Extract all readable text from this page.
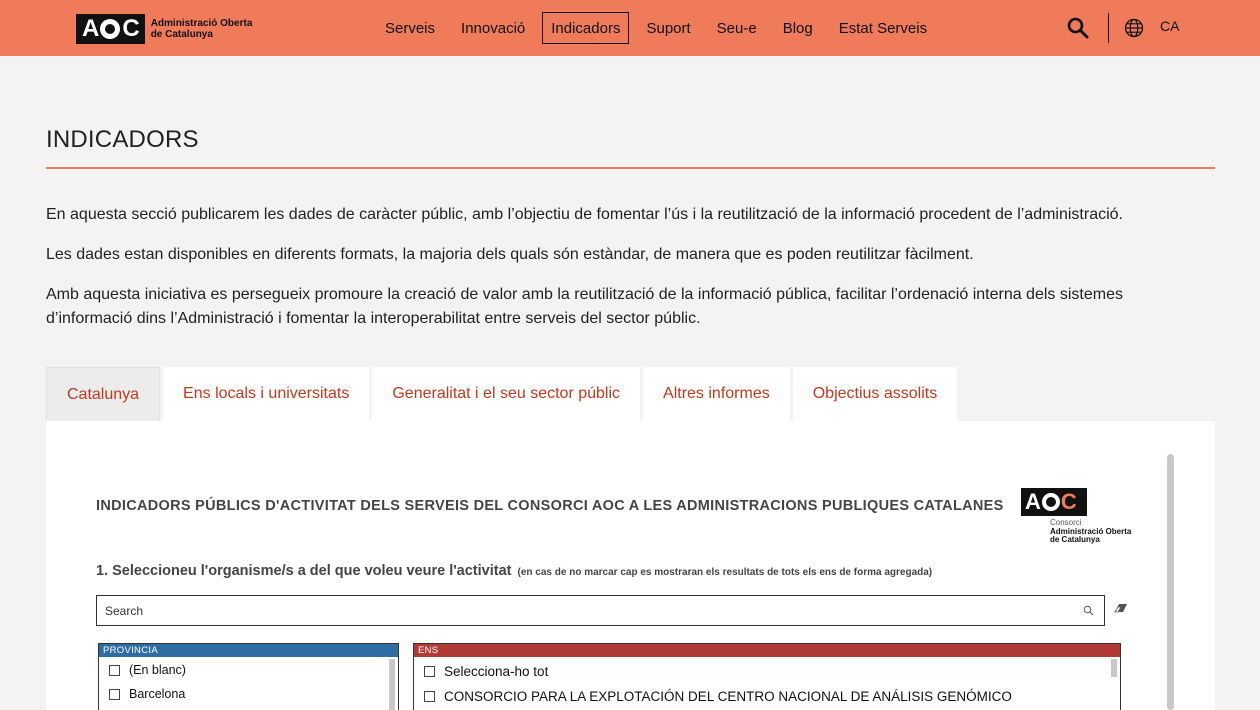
A C Administració Oberta
de Catalunya	Serveis	Innovació	Indicadors	Suport	Seu-e	Blog	Estat Serveis	CA
INDICADORS

En aquesta secció publicarem les dades de caràcter públic, amb l’objectiu de fomentar l’ús i la reutilització de la informació procedent de l’administració.

Les dades estan disponibles en diferents formats, la majoria dels quals són estàndar, de manera que es poden reutilitzar fàcilment.

Amb aquesta iniciativa es persegueix promoure la creació de valor amb la reutilització de la informació pública, facilitar l’ordenació interna dels sistemes d’informació dins l’Administració i fomentar la interoperabilitat entre serveis del sector públic.

Catalunya	Ens locals i universitats	Generalitat i el seu sector públic	Altres informes	Objectius assolits
INDICADORS PÚBLICS D'ACTIVITAT DELS SERVEIS DEL CONSORCI AOC A LES ADMINISTRACIONS PUBLIQUES CATALANES A C
Consorci
Administració Oberta
de Catalunya
1. Seleccioneu l'organisme/s a del que voleu veure l'activitat (en cas de no marcar cap es mostraran els resultats de tots els ens de forma agregada)
Search
PROVINCIA
(En blanc)
Barcelona
ENS
Selecciona-ho tot
CONSORCIO PARA LA EXPLOTACIÓN DEL CENTRO NACIONAL DE ANÁLISIS GENÓMICO
